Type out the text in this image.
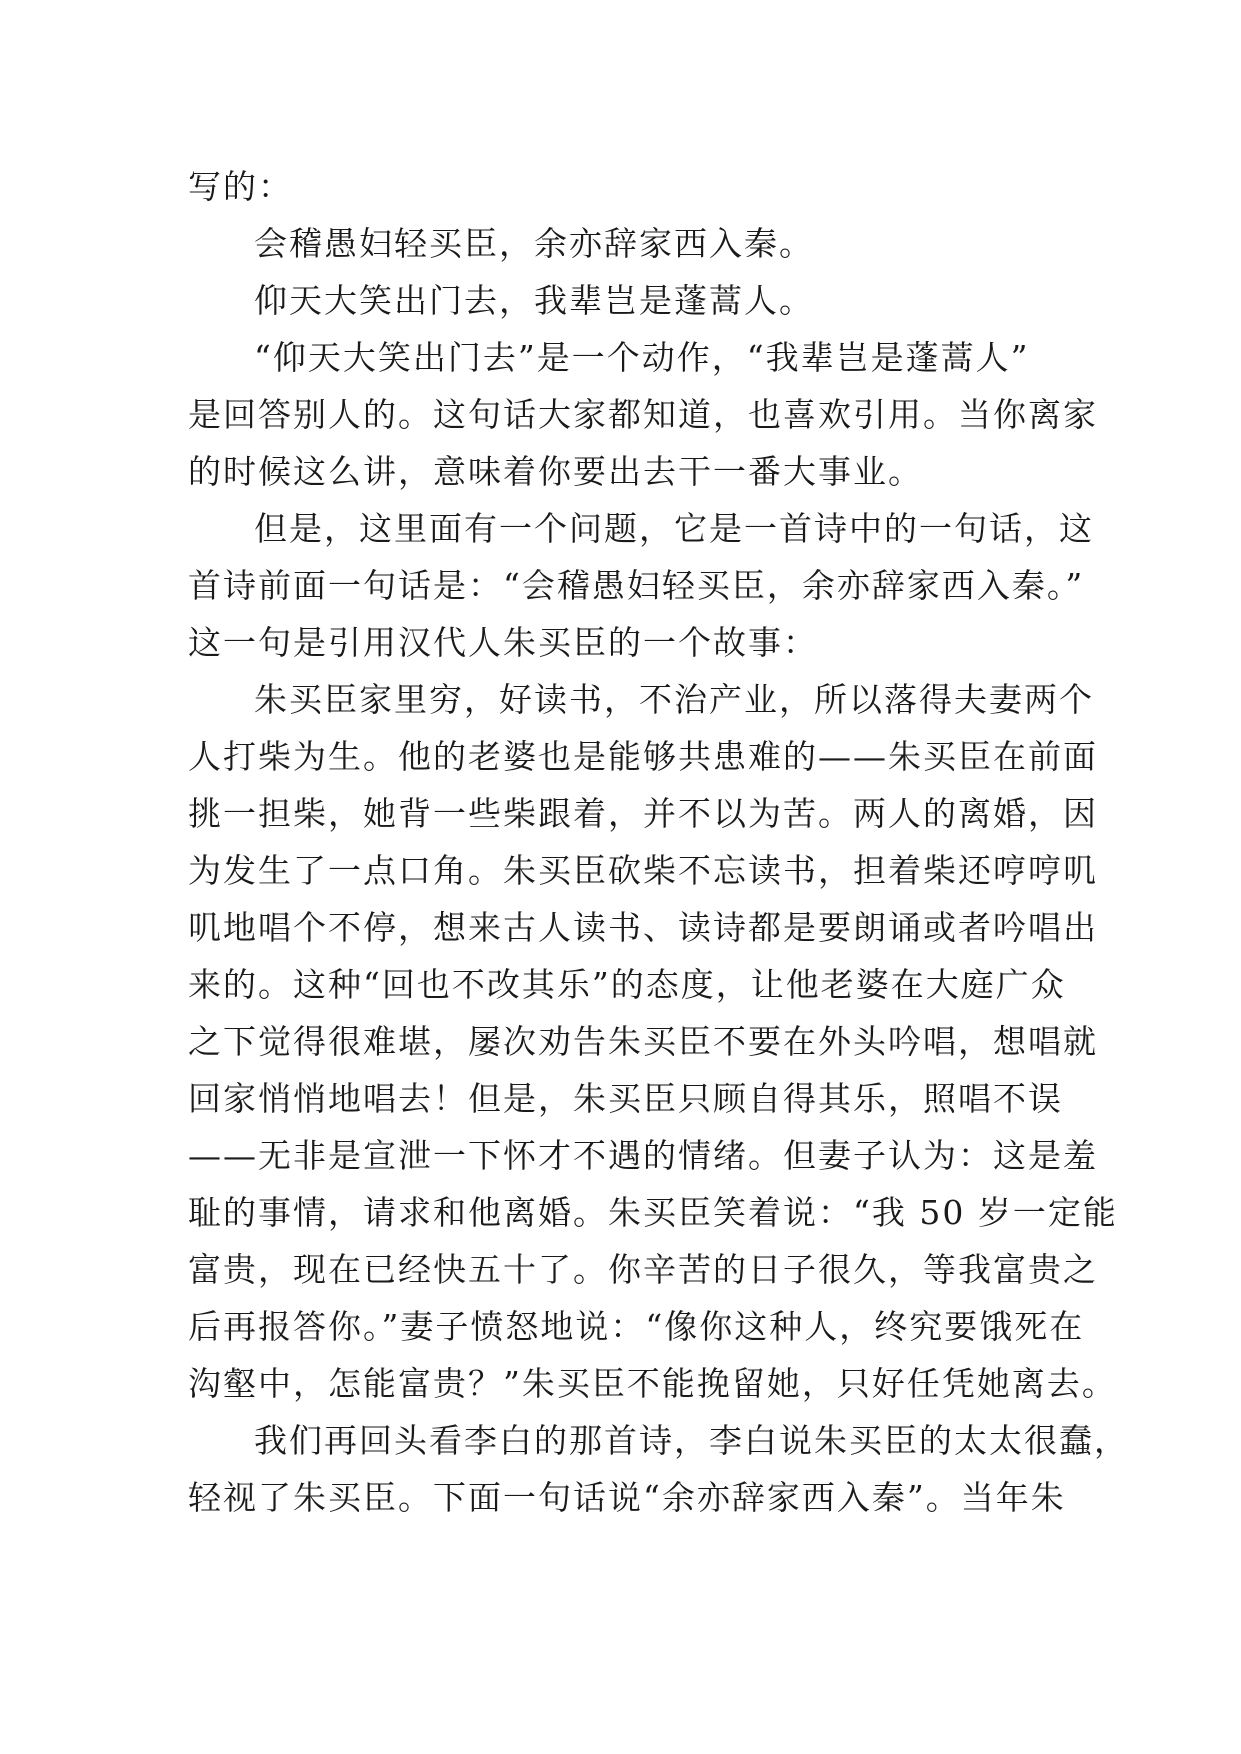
写的：
会稽愚妇轻买臣，余亦辞家西入秦。
仰天大笑出门去，我辈岂是蓬蒿人。
“仰天大笑出门去”是一个动作，“我辈岂是蓬蒿人”
是回答别人的。这句话大家都知道，也喜欢引用。当你离家
的时候这么讲，意味着你要出去干一番大事业。
但是，这里面有一个问题，它是一首诗中的一句话，这
首诗前面一句话是：“会稽愚妇轻买臣，余亦辞家西入秦。”
这一句是引用汉代人朱买臣的一个故事：
朱买臣家里穷，好读书，不治产业，所以落得夫妻两个
人打柴为生。他的老婆也是能够共患难的——朱买臣在前面
挑一担柴，她背一些柴跟着，并不以为苦。两人的离婚，因
为发生了一点口角。朱买臣砍柴不忘读书，担着柴还哼哼叽
叽地唱个不停，想来古人读书、读诗都是要朗诵或者吟唱出
来的。这种“回也不改其乐”的态度，让他老婆在大庭广众
之下觉得很难堪，屡次劝告朱买臣不要在外头吟唱，想唱就
回家悄悄地唱去！但是，朱买臣只顾自得其乐，照唱不误
——无非是宣泄一下怀才不遇的情绪。但妻子认为：这是羞
耻的事情，请求和他离婚。朱买臣笑着说：“我 50 岁一定能
富贵，现在已经快五十了。你辛苦的日子很久，等我富贵之
后再报答你。”妻子愤怒地说：“像你这种人，终究要饿死在
沟壑中，怎能富贵？”朱买臣不能挽留她，只好任凭她离去。
我们再回头看李白的那首诗，李白说朱买臣的太太很蠢，
轻视了朱买臣。下面一句话说“余亦辞家西入秦”。当年朱
